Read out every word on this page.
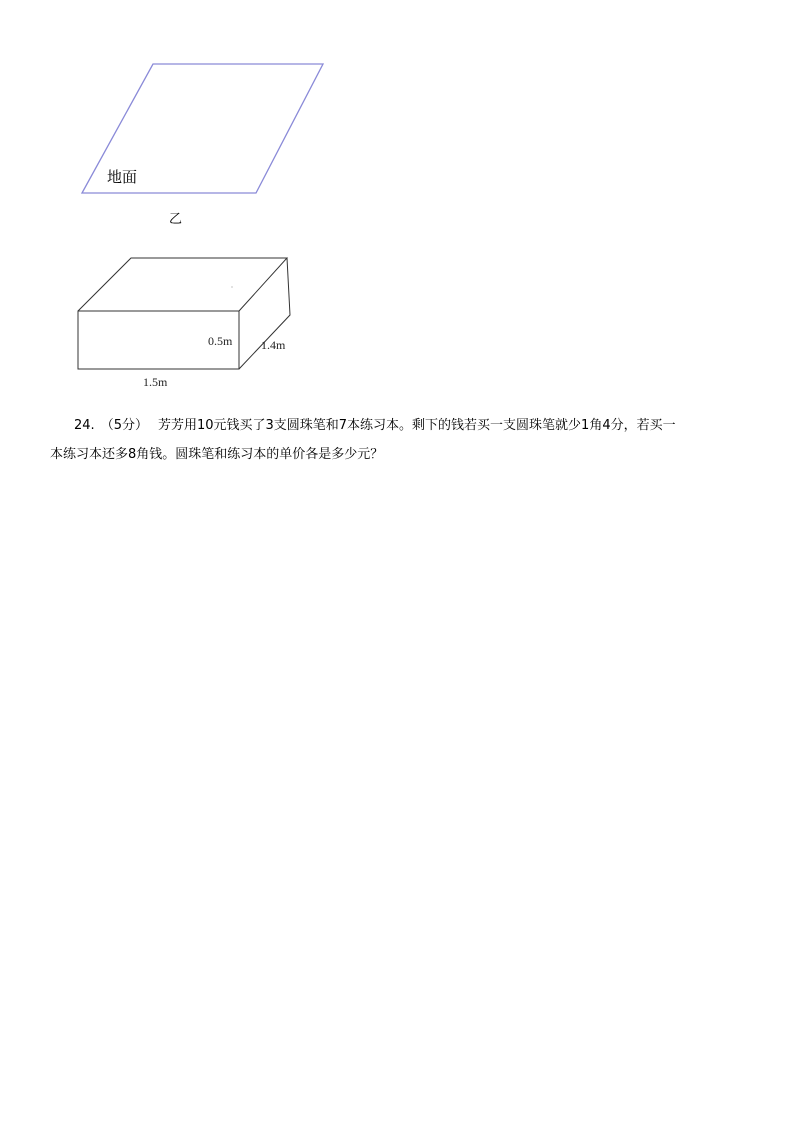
地面
乙
0.5m 1.4m
1.5m
24. （5分） 芳芳用10元钱买了3支圆珠笔和7本练习本。剩下的钱若买一支圆珠笔就少1角4分，若买一
本练习本还多8角钱。圆珠笔和练习本的单价各是多少元？
